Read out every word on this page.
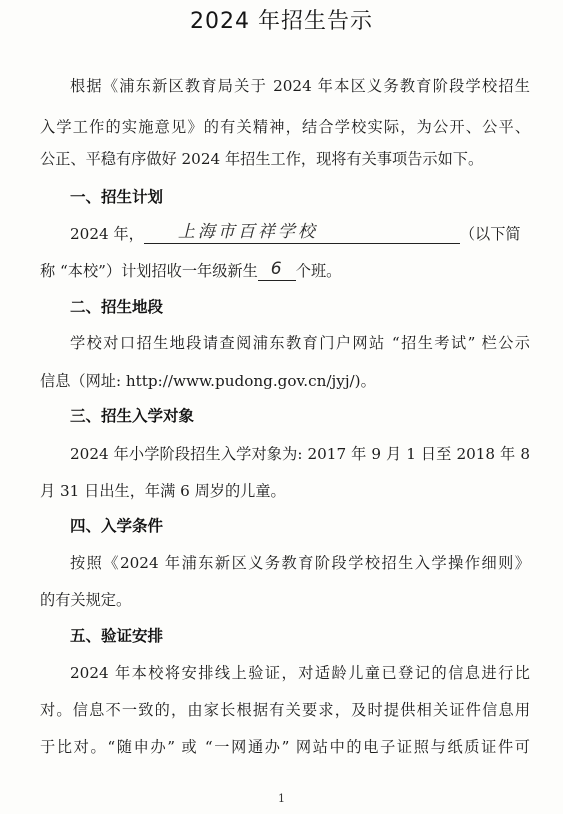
2024 年招生告示
根据《浦东新区教育局关于 2024 年本区义务教育阶段学校招生
入学工作的实施意见》的有关精神，结合学校实际，为公开、公平、
公正、平稳有序做好 2024 年招生工作，现将有关事项告示如下。
一、招生计划
2024 年， 上海市百祥学校	（以下简
称 “本校”）计划招收一年级新生 6 个班。
二、招生地段
学校对口招生地段请查阅浦东教育门户网站 “招生考试” 栏公示
信息（网址: http://www.pudong.gov.cn/jyj/)。
三、招生入学对象
2024 年小学阶段招生入学对象为: 2017 年 9 月 1 日至 2018 年 8
月 31 日出生，年满 6 周岁的儿童。
四、入学条件
按照《2024 年浦东新区义务教育阶段学校招生入学操作细则》
的有关规定。
五、验证安排
2024 年本校将安排线上验证，对适龄儿童已登记的信息进行比
对。信息不一致的，由家长根据有关要求，及时提供相关证件信息用
于比对。“随申办” 或 “一网通办” 网站中的电子证照与纸质证件可
1
